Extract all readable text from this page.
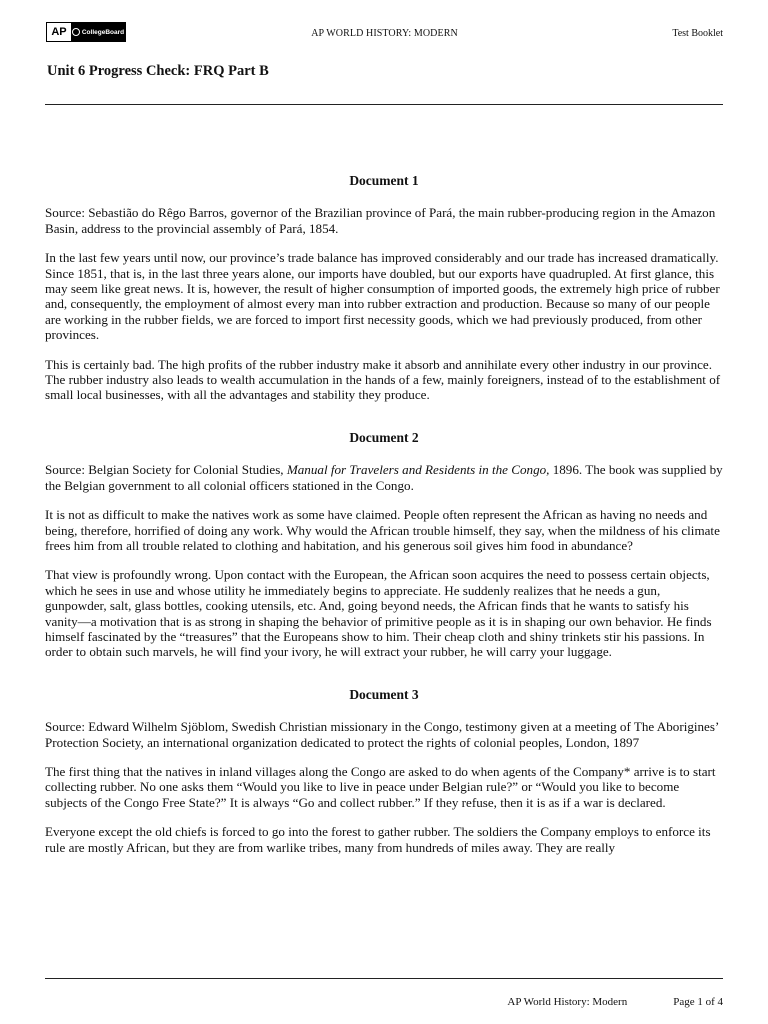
AP	CollegeBoard	AP WORLD HISTORY: MODERN	Test Booklet
Unit 6 Progress Check: FRQ Part B
Document 1
Source: Sebastião do Rêgo Barros, governor of the Brazilian province of Pará, the main rubber-producing region in the Amazon Basin, address to the provincial assembly of Pará, 1854.
In the last few years until now, our province’s trade balance has improved considerably and our trade has increased dramatically. Since 1851, that is, in the last three years alone, our imports have doubled, but our exports have quadrupled. At first glance, this may seem like great news. It is, however, the result of higher consumption of imported goods, the extremely high price of rubber and, consequently, the employment of almost every man into rubber extraction and production. Because so many of our people are working in the rubber fields, we are forced to import first necessity goods, which we had previously produced, from other provinces.
This is certainly bad. The high profits of the rubber industry make it absorb and annihilate every other industry in our province. The rubber industry also leads to wealth accumulation in the hands of a few, mainly foreigners, instead of to the establishment of small local businesses, with all the advantages and stability they produce.
Document 2
Source: Belgian Society for Colonial Studies, Manual for Travelers and Residents in the Congo, 1896. The book was supplied by the Belgian government to all colonial officers stationed in the Congo.
It is not as difficult to make the natives work as some have claimed. People often represent the African as having no needs and being, therefore, horrified of doing any work. Why would the African trouble himself, they say, when the mildness of his climate frees him from all trouble related to clothing and habitation, and his generous soil gives him food in abundance?
That view is profoundly wrong. Upon contact with the European, the African soon acquires the need to possess certain objects, which he sees in use and whose utility he immediately begins to appreciate. He suddenly realizes that he needs a gun, gunpowder, salt, glass bottles, cooking utensils, etc. And, going beyond needs, the African finds that he wants to satisfy his vanity—a motivation that is as strong in shaping the behavior of primitive people as it is in shaping our own behavior. He finds himself fascinated by the “treasures” that the Europeans show to him. Their cheap cloth and shiny trinkets stir his passions. In order to obtain such marvels, he will find your ivory, he will extract your rubber, he will carry your luggage.
Document 3
Source: Edward Wilhelm Sjöblom, Swedish Christian missionary in the Congo, testimony given at a meeting of The Aborigines’ Protection Society, an international organization dedicated to protect the rights of colonial peoples, London, 1897
The first thing that the natives in inland villages along the Congo are asked to do when agents of the Company* arrive is to start collecting rubber. No one asks them “Would you like to live in peace under Belgian rule?” or “Would you like to become subjects of the Congo Free State?” It is always “Go and collect rubber.” If they refuse, then it is as if a war is declared.
Everyone except the old chiefs is forced to go into the forest to gather rubber. The soldiers the Company employs to enforce its rule are mostly African, but they are from warlike tribes, many from hundreds of miles away. They are really
AP World History: Modern	Page 1 of 4
